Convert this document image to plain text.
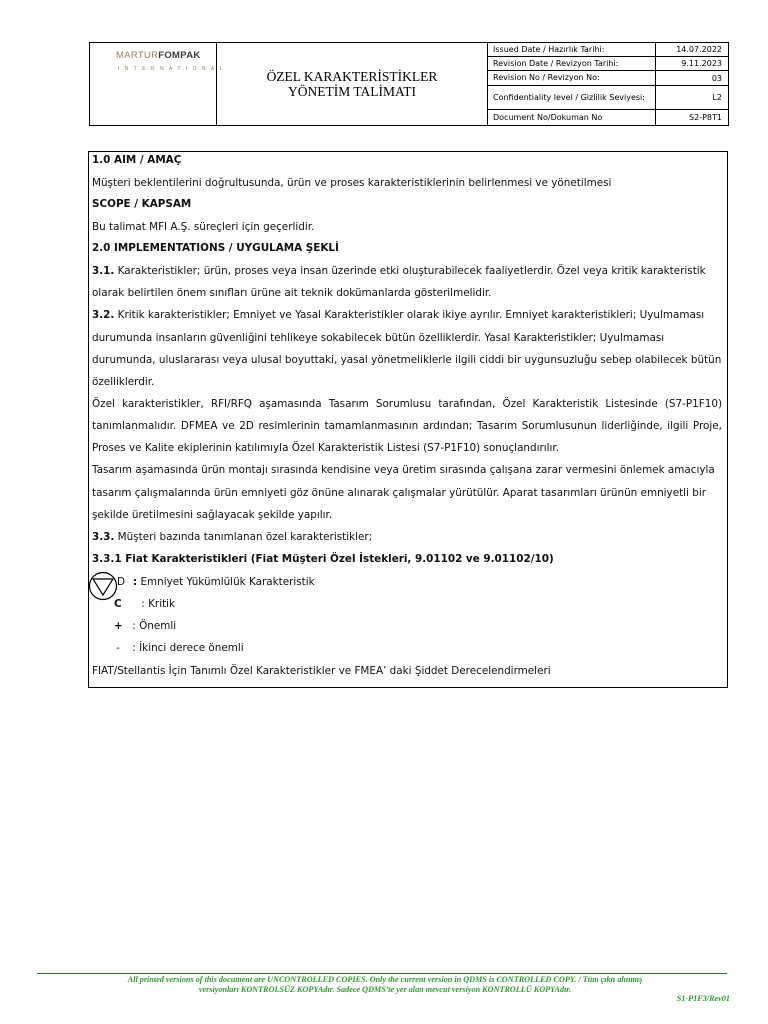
MARTURFOMPAK
INTERNATIONAL	ÖZEL KARAKTERİSTİKLER
YÖNETİM TALİMATI
Issued Date / Hazırlık Tarihi:	14.07.2022
Revision Date / Revizyon Tarihi:	9.11.2023
Revision No / Revizyon No:	03
Confidentiality level / Gizlilik Seviyesi:	L2
Document No/Dokuman No	S2-P8T1
1.0 AIM / AMAÇ
Müşteri beklentilerini doğrultusunda, ürün ve proses karakteristiklerinin belirlenmesi ve yönetilmesi
SCOPE / KAPSAM
Bu talimat MFI A.Ş. süreçleri için geçerlidir.
2.0 IMPLEMENTATIONS / UYGULAMA ŞEKLİ
3.1. Karakteristikler; ürün, proses veya insan üzerinde etki oluşturabilecek faaliyetlerdir. Özel veya kritik karakteristik
olarak belirtilen önem sınıfları ürüne ait teknik dokümanlarda gösterilmelidir.
3.2. Kritik karakteristikler; Emniyet ve Yasal Karakteristikler olarak ikiye ayrılır. Emniyet karakteristikleri; Uyulmaması
durumunda insanların güvenliğini tehlikeye sokabilecek bütün özelliklerdir. Yasal Karakteristikler; Uyulmaması
durumunda, uluslararası veya ulusal boyuttaki, yasal yönetmeliklerle ilgili ciddi bir uygunsuzluğu sebep olabilecek bütün
özelliklerdir.
Özel karakteristikler, RFI/RFQ aşamasında Tasarım Sorumlusu tarafından, Özel Karakteristik Listesinde (S7-P1F10)
tanımlanmalıdır. DFMEA ve 2D resimlerinin tamamlanmasının ardından; Tasarım Sorumlusunun liderliğinde, ilgili Proje,
Proses ve Kalite ekiplerinin katılımıyla Özel Karakteristik Listesi (S7-P1F10) sonuçlandırılır.
Tasarım aşamasında ürün montajı sırasında kendisine veya üretim sırasında çalışana zarar vermesini önlemek amacıyla
tasarım çalışmalarında ürün emniyeti göz önüne alınarak çalışmalar yürütülür. Aparat tasarımları ürünün emniyetli bir
şekilde üretilmesini sağlayacak şekilde yapılır.
3.3. Müşteri bazında tanımlanan özel karakteristikler;
3.3.1 Fiat Karakteristikleri (Fiat Müşteri Özel İstekleri, 9.01102 ve 9.01102/10)
D : Emniyet Yükümlülük Karakteristik
C : Kritik
+ : Önemli
- : İkinci derece önemli
FIAT/Stellantis İçin Tanımlı Özel Karakteristikler ve FMEA’ daki Şiddet Derecelendirmeleri
All printed versions of this document are UNCONTROLLED COPIES. Only the current version in QDMS is CONTROLLED COPY. / Tüm çıktı alınmış
versiyonları KONTROLSÜZ KOPYAdır. Sadece QDMS’te yer alan mevcut versiyon KONTROLLÜ KOPYAdır.
S1-P1F3/Rev01
